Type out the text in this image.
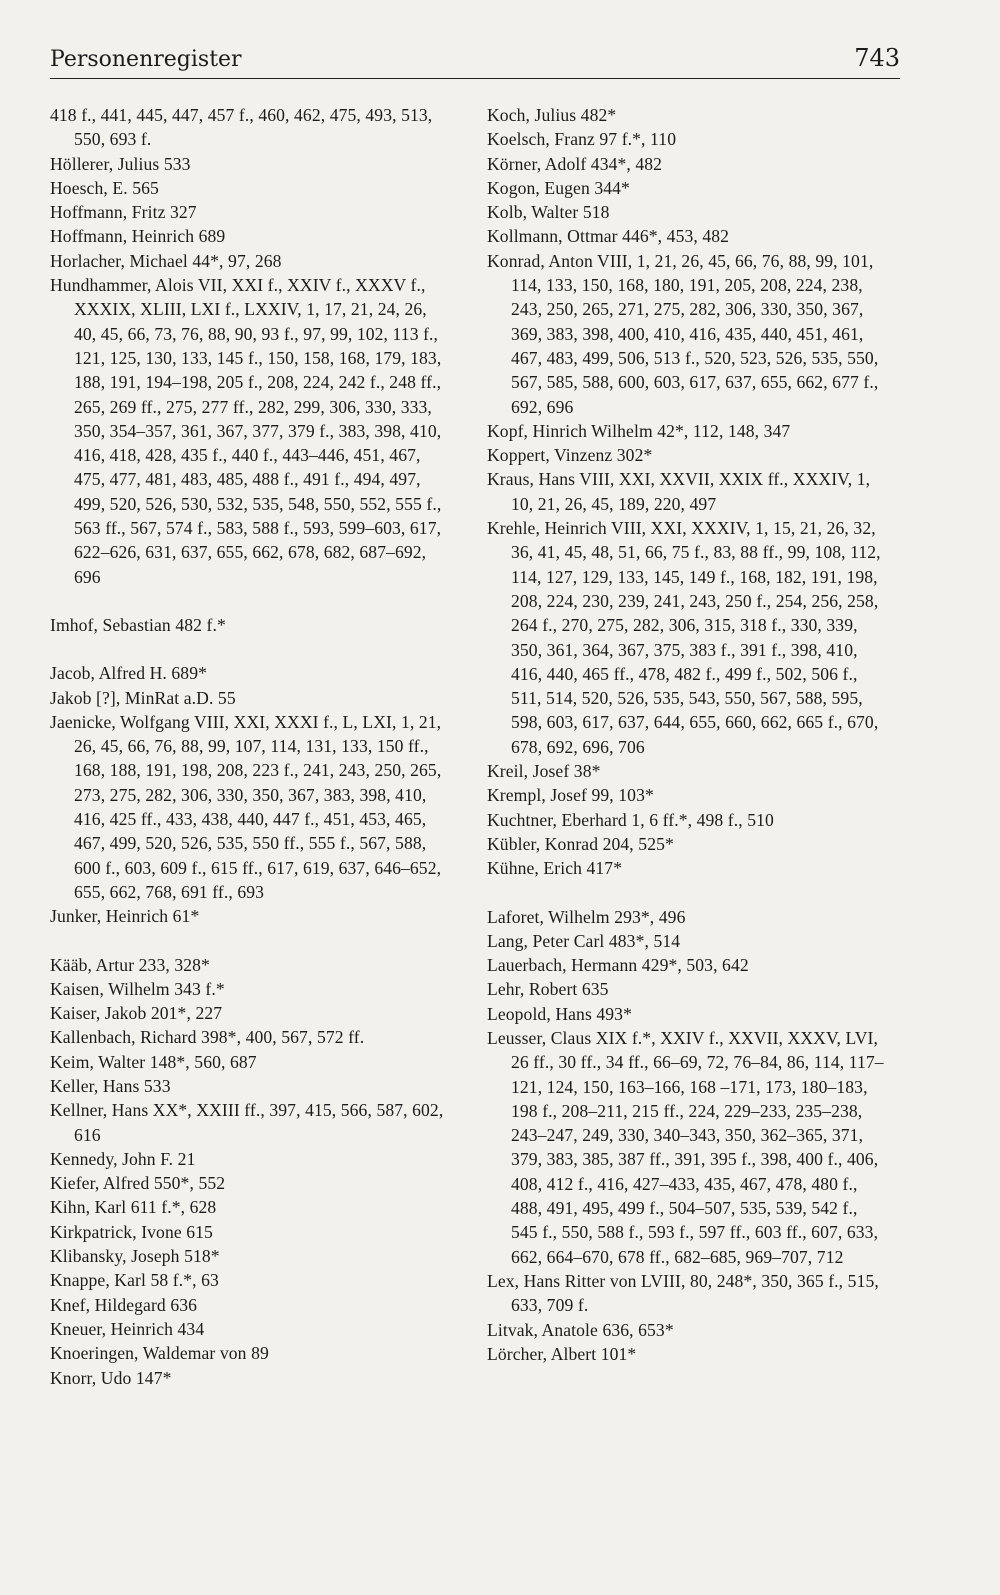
Personenregister	743
418 f., 441, 445, 447, 457 f., 460, 462, 475, 493, 513, 550, 693 f.
Höllerer, Julius 533
Hoesch, E. 565
Hoffmann, Fritz 327
Hoffmann, Heinrich 689
Horlacher, Michael 44*, 97, 268
Hundhammer, Alois VII, XXI f., XXIV f., XXXV f., XXXIX, XLIII, LXI f., LXXIV, 1, 17, 21, 24, 26, 40, 45, 66, 73, 76, 88, 90, 93 f., 97, 99, 102, 113 f., 121, 125, 130, 133, 145 f., 150, 158, 168, 179, 183, 188, 191, 194–198, 205 f., 208, 224, 242 f., 248 ff., 265, 269 ff., 275, 277 ff., 282, 299, 306, 330, 333, 350, 354–357, 361, 367, 377, 379 f., 383, 398, 410, 416, 418, 428, 435 f., 440 f., 443–446, 451, 467, 475, 477, 481, 483, 485, 488 f., 491 f., 494, 497, 499, 520, 526, 530, 532, 535, 548, 550, 552, 555 f., 563 ff., 567, 574 f., 583, 588 f., 593, 599–603, 617, 622–626, 631, 637, 655, 662, 678, 682, 687–692, 696
Imhof, Sebastian 482 f.*
Jacob, Alfred H. 689*
Jakob [?], MinRat a.D. 55
Jaenicke, Wolfgang VIII, XXI, XXXI f., L, LXI, 1, 21, 26, 45, 66, 76, 88, 99, 107, 114, 131, 133, 150 ff., 168, 188, 191, 198, 208, 223 f., 241, 243, 250, 265, 273, 275, 282, 306, 330, 350, 367, 383, 398, 410, 416, 425 ff., 433, 438, 440, 447 f., 451, 453, 465, 467, 499, 520, 526, 535, 550 ff., 555 f., 567, 588, 600 f., 603, 609 f., 615 ff., 617, 619, 637, 646–652, 655, 662, 768, 691 ff., 693
Junker, Heinrich 61*
Kääb, Artur 233, 328*
Kaisen, Wilhelm 343 f.*
Kaiser, Jakob 201*, 227
Kallenbach, Richard 398*, 400, 567, 572 ff.
Keim, Walter 148*, 560, 687
Keller, Hans 533
Kellner, Hans XX*, XXIII ff., 397, 415, 566, 587, 602, 616
Kennedy, John F. 21
Kiefer, Alfred 550*, 552
Kihn, Karl 611 f.*, 628
Kirkpatrick, Ivone 615
Klibansky, Joseph 518*
Knappe, Karl 58 f.*, 63
Knef, Hildegard 636
Kneuer, Heinrich 434
Knoeringen, Waldemar von 89
Knorr, Udo 147*
Koch, Julius 482*
Koelsch, Franz 97 f.*, 110
Körner, Adolf 434*, 482
Kogon, Eugen 344*
Kolb, Walter 518
Kollmann, Ottmar 446*, 453, 482
Konrad, Anton VIII, 1, 21, 26, 45, 66, 76, 88, 99, 101, 114, 133, 150, 168, 180, 191, 205, 208, 224, 238, 243, 250, 265, 271, 275, 282, 306, 330, 350, 367, 369, 383, 398, 400, 410, 416, 435, 440, 451, 461, 467, 483, 499, 506, 513 f., 520, 523, 526, 535, 550, 567, 585, 588, 600, 603, 617, 637, 655, 662, 677 f., 692, 696
Kopf, Hinrich Wilhelm 42*, 112, 148, 347
Koppert, Vinzenz 302*
Kraus, Hans VIII, XXI, XXVII, XXIX ff., XXXIV, 1, 10, 21, 26, 45, 189, 220, 497
Krehle, Heinrich VIII, XXI, XXXIV, 1, 15, 21, 26, 32, 36, 41, 45, 48, 51, 66, 75 f., 83, 88 ff., 99, 108, 112, 114, 127, 129, 133, 145, 149 f., 168, 182, 191, 198, 208, 224, 230, 239, 241, 243, 250 f., 254, 256, 258, 264 f., 270, 275, 282, 306, 315, 318 f., 330, 339, 350, 361, 364, 367, 375, 383 f., 391 f., 398, 410, 416, 440, 465 ff., 478, 482 f., 499 f., 502, 506 f., 511, 514, 520, 526, 535, 543, 550, 567, 588, 595, 598, 603, 617, 637, 644, 655, 660, 662, 665 f., 670, 678, 692, 696, 706
Kreil, Josef 38*
Krempl, Josef 99, 103*
Kuchtner, Eberhard 1, 6 ff.*, 498 f., 510
Kübler, Konrad 204, 525*
Kühne, Erich 417*
Laforet, Wilhelm 293*, 496
Lang, Peter Carl 483*, 514
Lauerbach, Hermann 429*, 503, 642
Lehr, Robert 635
Leopold, Hans 493*
Leusser, Claus XIX f.*, XXIV f., XXVII, XXXV, LVI, 26 ff., 30 ff., 34 ff., 66–69, 72, 76–84, 86, 114, 117–121, 124, 150, 163–166, 168 –171, 173, 180–183, 198 f., 208–211, 215 ff., 224, 229–233, 235–238, 243–247, 249, 330, 340–343, 350, 362–365, 371, 379, 383, 385, 387 ff., 391, 395 f., 398, 400 f., 406, 408, 412 f., 416, 427–433, 435, 467, 478, 480 f., 488, 491, 495, 499 f., 504–507, 535, 539, 542 f., 545 f., 550, 588 f., 593 f., 597 ff., 603 ff., 607, 633, 662, 664–670, 678 ff., 682–685, 969–707, 712
Lex, Hans Ritter von LVIII, 80, 248*, 350, 365 f., 515, 633, 709 f.
Litvak, Anatole 636, 653*
Lörcher, Albert 101*
